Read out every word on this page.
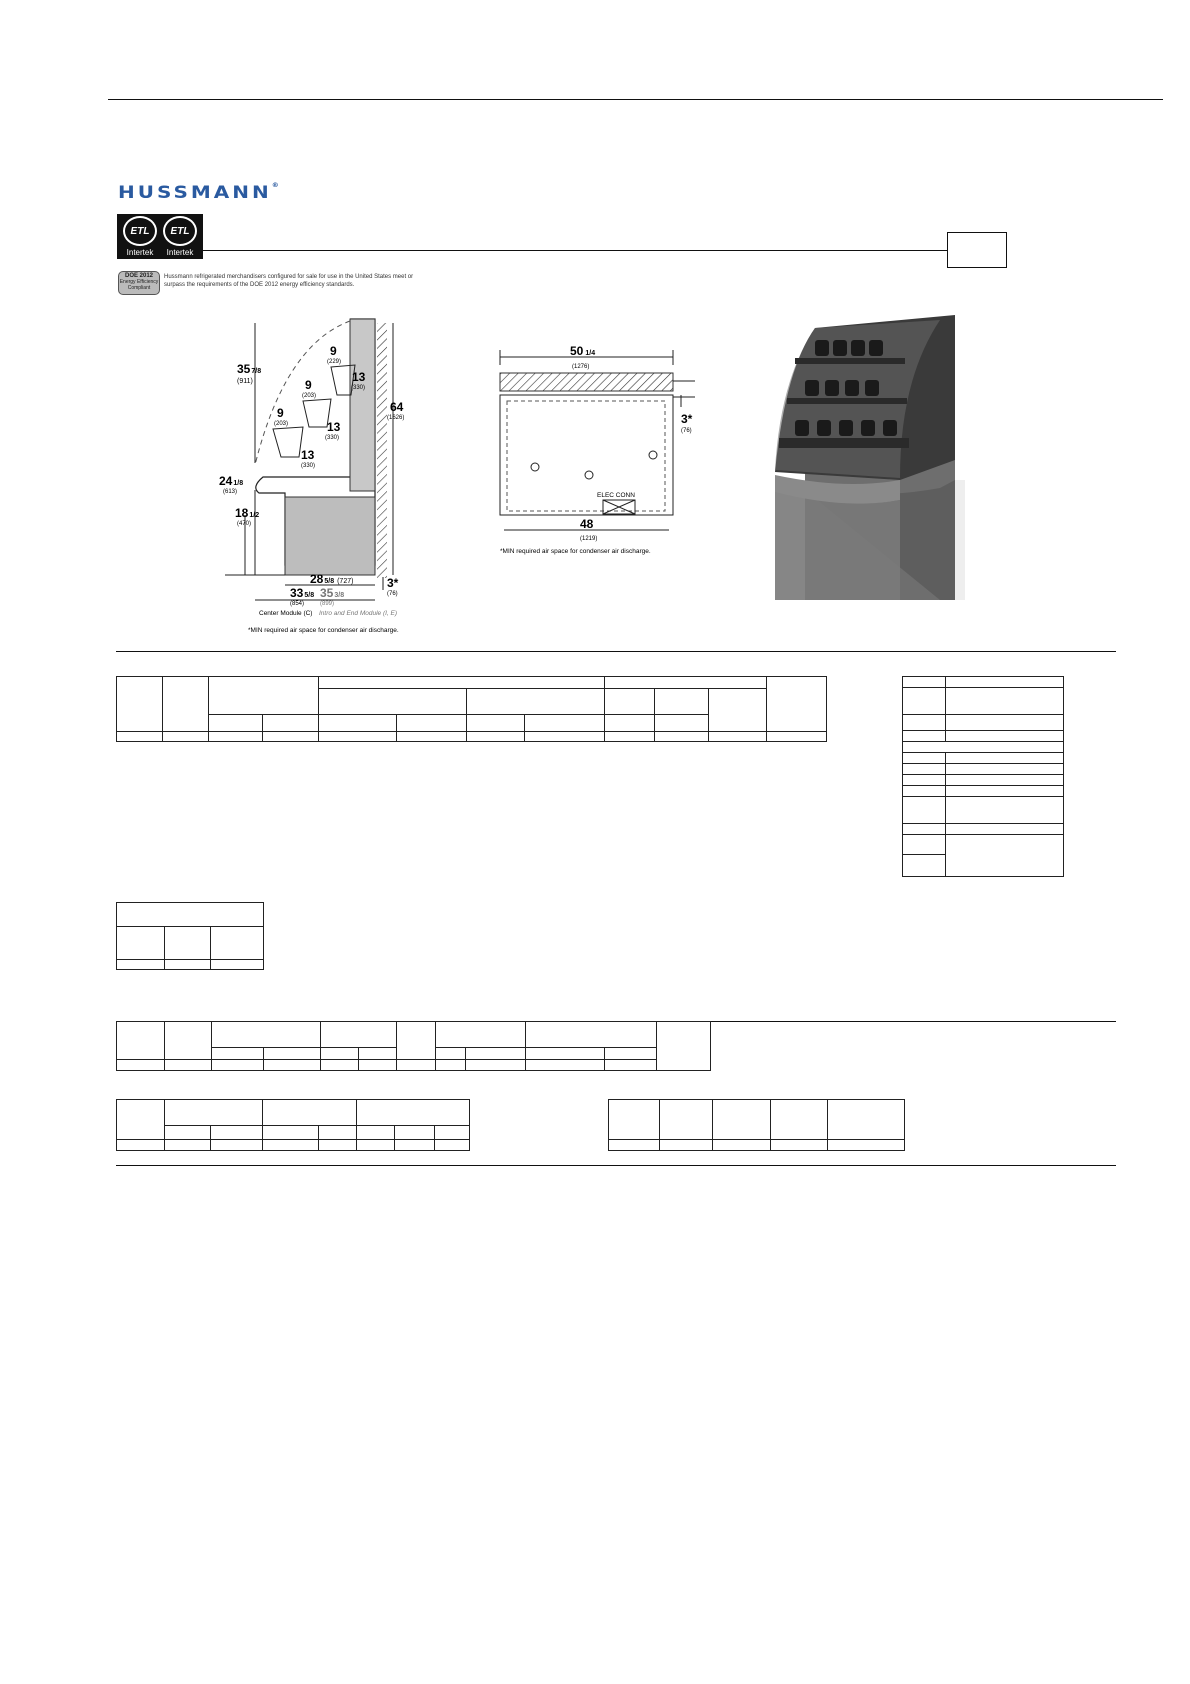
HUSSMANN®
ETL
Intertek
ETL
Intertek
DOE 2012
Energy Efficiency
Compliant
Hussmann refrigerated merchandisers configured for sale for use in the United States meet or surpass the requirements of the DOE 2012 energy efficiency standards.
357/8
(911)
9
(229)
9
(203)
9
(203)
13
(330)
13
(330)
13
(330)
64
(1626)
241/8
(613)
181/2
(470)
285/8 (727)	3*
(76)
335/8
(854)
353/8
(899)
Center Module (C) Intro and End Module (I, E)
*MIN required air space for condenser air discharge.
50 1/4
(1276)
3*
(76)
ELEC CONN
48
(1219)
*MIN required air space for condenser air discharge.
